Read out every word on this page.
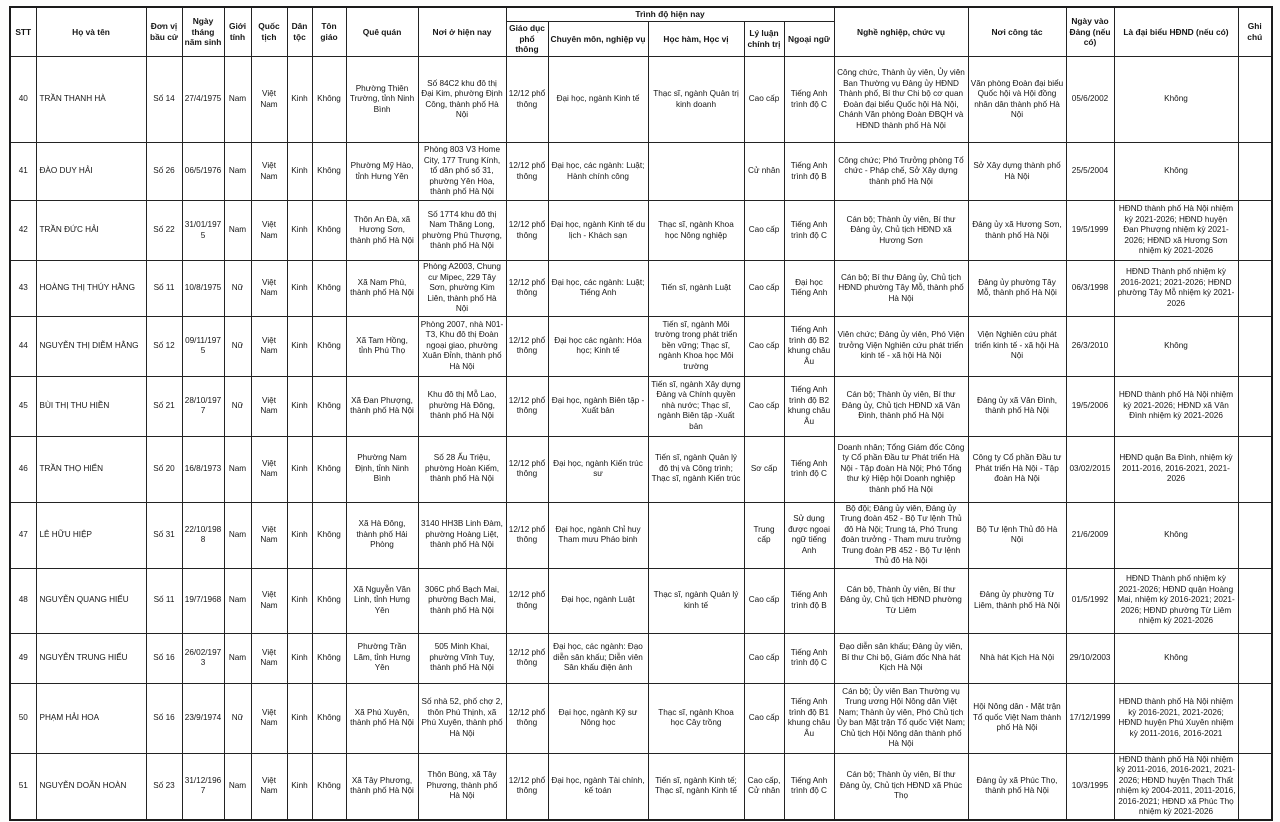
STT	Họ và tên	Đơn vị bầu cử	Ngày tháng năm sinh	Giới tính	Quốc tịch	Dân tộc	Tôn giáo	Quê quán	Nơi ở hiện nay	Trình độ hiện nay					Nghề nghiệp, chức vụ	Nơi công tác	Ngày vào Đảng (nếu có)	Là đại biểu HĐND (nếu có)	Ghi chú
										Giáo dục phổ thông	Chuyên môn, nghiệp vụ	Học hàm, Học vị	Lý luận chính trị	Ngoại ngữ					
40	TRẦN THANH HÀ	Số 14	27/4/1975	Nam	Việt Nam	Kinh	Không	Phường Thiên Trường, tỉnh Ninh Bình	Số 84C2 khu đô thị Đại Kim, phường Định Công, thành phố Hà Nội	12/12 phổ thông	Đại học, ngành Kinh tế	Thạc sĩ, ngành Quản trị kinh doanh	Cao cấp	Tiếng Anh trình độ C	Công chức, Thành ủy viên, Ủy viên Ban Thường vụ Đảng ủy HĐND Thành phố, Bí thư Chi bộ cơ quan Đoàn đại biểu Quốc hội Hà Nội, Chánh Văn phòng Đoàn ĐBQH và HĐND thành phố Hà Nội	Văn phòng Đoàn đại biểu Quốc hội và Hội đồng nhân dân thành phố Hà Nội	05/6/2002	Không	
41	ĐÀO DUY HẢI	Số 26	06/5/1976	Nam	Việt Nam	Kinh	Không	Phường Mỹ Hào, tỉnh Hưng Yên	Phòng 803 V3 Home City, 177 Trung Kính, tổ dân phố số 31, phường Yên Hòa, thành phố Hà Nội	12/12 phổ thông	Đại học, các ngành: Luật; Hành chính công		Cử nhân	Tiếng Anh trình độ B	Công chức; Phó Trưởng phòng Tổ chức - Pháp chế, Sở Xây dựng thành phố Hà Nội	Sở Xây dựng thành phố Hà Nội	25/5/2004	Không	
42	TRẦN ĐỨC HẢI	Số 22	31/01/1975	Nam	Việt Nam	Kinh	Không	Thôn An Đà, xã Hương Sơn, thành phố Hà Nội	Số 17T4 khu đô thị Nam Thăng Long, phường Phú Thượng, thành phố Hà Nội	12/12 phổ thông	Đại học, ngành Kinh tế du lịch - Khách sạn	Thạc sĩ, ngành Khoa học Nông nghiệp	Cao cấp	Tiếng Anh trình độ C	Cán bộ; Thành ủy viên, Bí thư Đảng ủy, Chủ tịch HĐND xã Hương Sơn	Đảng ủy xã Hương Sơn, thành phố Hà Nội	19/5/1999	HĐND thành phố Hà Nội nhiệm kỳ 2021-2026; HĐND huyện Đan Phượng nhiệm kỳ 2021-2026; HĐND xã Hương Sơn nhiệm kỳ 2021-2026	
43	HOÀNG THỊ THÚY HẰNG	Số 11	10/8/1975	Nữ	Việt Nam	Kinh	Không	Xã Nam Phù, thành phố Hà Nội	Phòng A2003, Chung cư Mipec, 229 Tây Sơn, phường Kim Liên, thành phố Hà Nội	12/12 phổ thông	Đại học, các ngành: Luật; Tiếng Anh	Tiến sĩ, ngành Luật	Cao cấp	Đại học Tiếng Anh	Cán bộ; Bí thư Đảng ủy, Chủ tịch HĐND phường Tây Mỗ, thành phố Hà Nội	Đảng ủy phường Tây Mỗ, thành phố Hà Nội	06/3/1998	HĐND Thành phố nhiệm kỳ 2016-2021; 2021-2026; HĐND phường Tây Mỗ nhiệm kỳ 2021-2026	
44	NGUYỄN THỊ DIỄM HẰNG	Số 12	09/11/1975	Nữ	Việt Nam	Kinh	Không	Xã Tam Hồng, tỉnh Phú Thọ	Phòng 2007, nhà N01-T3, Khu đô thị Đoàn ngoại giao, phường Xuân Đỉnh, thành phố Hà Nội	12/12 phổ thông	Đại học các ngành: Hóa học; Kinh tế	Tiến sĩ, ngành Môi trường trong phát triển bền vững; Thạc sĩ, ngành Khoa học Môi trường	Cao cấp	Tiếng Anh trình độ B2 khung châu Âu	Viên chức; Đảng ủy viên, Phó Viện trưởng Viện Nghiên cứu phát triển kinh tế - xã hội Hà Nội	Viện Nghiên cứu phát triển kinh tế - xã hội Hà Nội	26/3/2010	Không	
45	BÙI THỊ THU HIỀN	Số 21	28/10/1977	Nữ	Việt Nam	Kinh	Không	Xã Đan Phượng, thành phố Hà Nội	Khu đô thị Mỗ Lao, phường Hà Đông, thành phố Hà Nội	12/12 phổ thông	Đại học, ngành Biên tập - Xuất bản	Tiến sĩ, ngành Xây dựng Đảng và Chính quyền nhà nước; Thạc sĩ, ngành Biên tập -Xuất bản	Cao cấp	Tiếng Anh trình độ B2 khung châu Âu	Cán bộ; Thành ủy viên, Bí thư Đảng ủy, Chủ tịch HĐND xã Vân Đình, thành phố Hà Nội	Đảng ủy xã Vân Đình, thành phố Hà Nội	19/5/2006	HĐND thành phố Hà Nội nhiệm kỳ 2021-2026; HĐND xã Vân Đình nhiệm kỳ 2021-2026	
46	TRẦN THỌ HIỂN	Số 20	16/8/1973	Nam	Việt Nam	Kinh	Không	Phường Nam Định, tỉnh Ninh Bình	Số 28 Ấu Triệu, phường Hoàn Kiếm, thành phố Hà Nội	12/12 phổ thông	Đại học, ngành Kiến trúc sư	Tiến sĩ, ngành Quản lý đô thị và Công trình; Thạc sĩ, ngành Kiến trúc	Sơ cấp	Tiếng Anh trình độ C	Doanh nhân; Tổng Giám đốc Công ty Cổ phần Đầu tư Phát triển Hà Nội - Tập đoàn Hà Nội; Phó Tổng thư ký Hiệp hội Doanh nghiệp thành phố Hà Nội	Công ty Cổ phần Đầu tư Phát triển Hà Nội - Tập đoàn Hà Nội	03/02/2015	HĐND quận Ba Đình, nhiệm kỳ 2011-2016, 2016-2021, 2021-2026	
47	LÊ HỮU HIỆP	Số 31	22/10/1988	Nam	Việt Nam	Kinh	Không	Xã Hà Đông, thành phố Hải Phòng	3140 HH3B Linh Đàm, phường Hoàng Liệt, thành phố Hà Nội	12/12 phổ thông	Đại học, ngành Chỉ huy Tham mưu Pháo binh		Trung cấp	Sử dụng được ngoại ngữ tiếng Anh	Bộ đội; Đảng ủy viên, Đảng ủy Trung đoàn 452 - Bộ Tư lệnh Thủ đô Hà Nội; Trung tá, Phó Trung đoàn trưởng - Tham mưu trưởng Trung đoàn PB 452 - Bộ Tư lệnh Thủ đô Hà Nội	Bộ Tư lệnh Thủ đô Hà Nội	21/6/2009	Không	
48	NGUYỄN QUANG HIẾU	Số 11	19/7/1968	Nam	Việt Nam	Kinh	Không	Xã Nguyễn Văn Linh, tỉnh Hưng Yên	306C phố Bạch Mai, phường Bạch Mai, thành phố Hà Nội	12/12 phổ thông	Đại học, ngành Luật	Thạc sĩ, ngành Quản lý kinh tế	Cao cấp	Tiếng Anh trình độ B	Cán bộ, Thành ủy viên, Bí thư Đảng ủy, Chủ tịch HĐND phường Từ Liêm	Đảng ủy phường Từ Liêm, thành phố Hà Nội	01/5/1992	HĐND Thành phố nhiệm kỳ 2021-2026; HĐND quận Hoàng Mai, nhiệm kỳ 2016-2021; 2021-2026; HĐND phường Từ Liêm nhiệm kỳ 2021-2026	
49	NGUYỄN TRUNG HIẾU	Số 16	26/02/1973	Nam	Việt Nam	Kinh	Không	Phường Trần Lãm, tỉnh Hưng Yên	505 Minh Khai, phường Vĩnh Tuy, thành phố Hà Nội	12/12 phổ thông	Đại học, các ngành: Đạo diễn sân khấu; Diễn viên Sân khấu điện ảnh		Cao cấp	Tiếng Anh trình độ C	Đạo diễn sân khấu; Đảng ủy viên, Bí thư Chi bộ, Giám đốc Nhà hát Kịch Hà Nội	Nhà hát Kịch Hà Nội	29/10/2003	Không	
50	PHẠM HẢI HOA	Số 16	23/9/1974	Nữ	Việt Nam	Kinh	Không	Xã Phú Xuyên, thành phố Hà Nội	Số nhà 52, phố chợ 2, thôn Phú Thịnh, xã Phú Xuyên, thành phố Hà Nội	12/12 phổ thông	Đại học, ngành Kỹ sư Nông học	Thạc sĩ, ngành Khoa học Cây trồng	Cao cấp	Tiếng Anh trình độ B1 khung châu Âu	Cán bộ; Ủy viên Ban Thường vụ Trung ương Hội Nông dân Việt Nam; Thành ủy viên, Phó Chủ tịch Ủy ban Mặt trận Tổ quốc Việt Nam; Chủ tịch Hội Nông dân thành phố Hà Nội	Hội Nông dân - Mặt trận Tổ quốc Việt Nam thành phố Hà Nội	17/12/1999	HĐND thành phố Hà Nội nhiệm kỳ 2016-2021, 2021-2026; HĐND huyện Phú Xuyên nhiệm kỳ 2011-2016, 2016-2021	
51	NGUYỄN DOÃN HOÀN	Số 23	31/12/1967	Nam	Việt Nam	Kinh	Không	Xã Tây Phương, thành phố Hà Nội	Thôn Bùng, xã Tây Phương, thành phố Hà Nội	12/12 phổ thông	Đại học, ngành Tài chính, kế toán	Tiến sĩ, ngành Kinh tế; Thạc sĩ, ngành Kinh tế	Cao cấp, Cử nhân	Tiếng Anh trình độ C	Cán bộ; Thành ủy viên, Bí thư Đảng ủy, Chủ tịch HĐND xã Phúc Thọ	Đảng ủy xã Phúc Thọ, thành phố Hà Nội	10/3/1995	HĐND thành phố Hà Nội nhiệm kỳ 2011-2016, 2016-2021, 2021-2026; HĐND huyện Thạch Thất nhiệm kỳ 2004-2011, 2011-2016, 2016-2021; HĐND xã Phúc Thọ nhiệm kỳ 2021-2026	
